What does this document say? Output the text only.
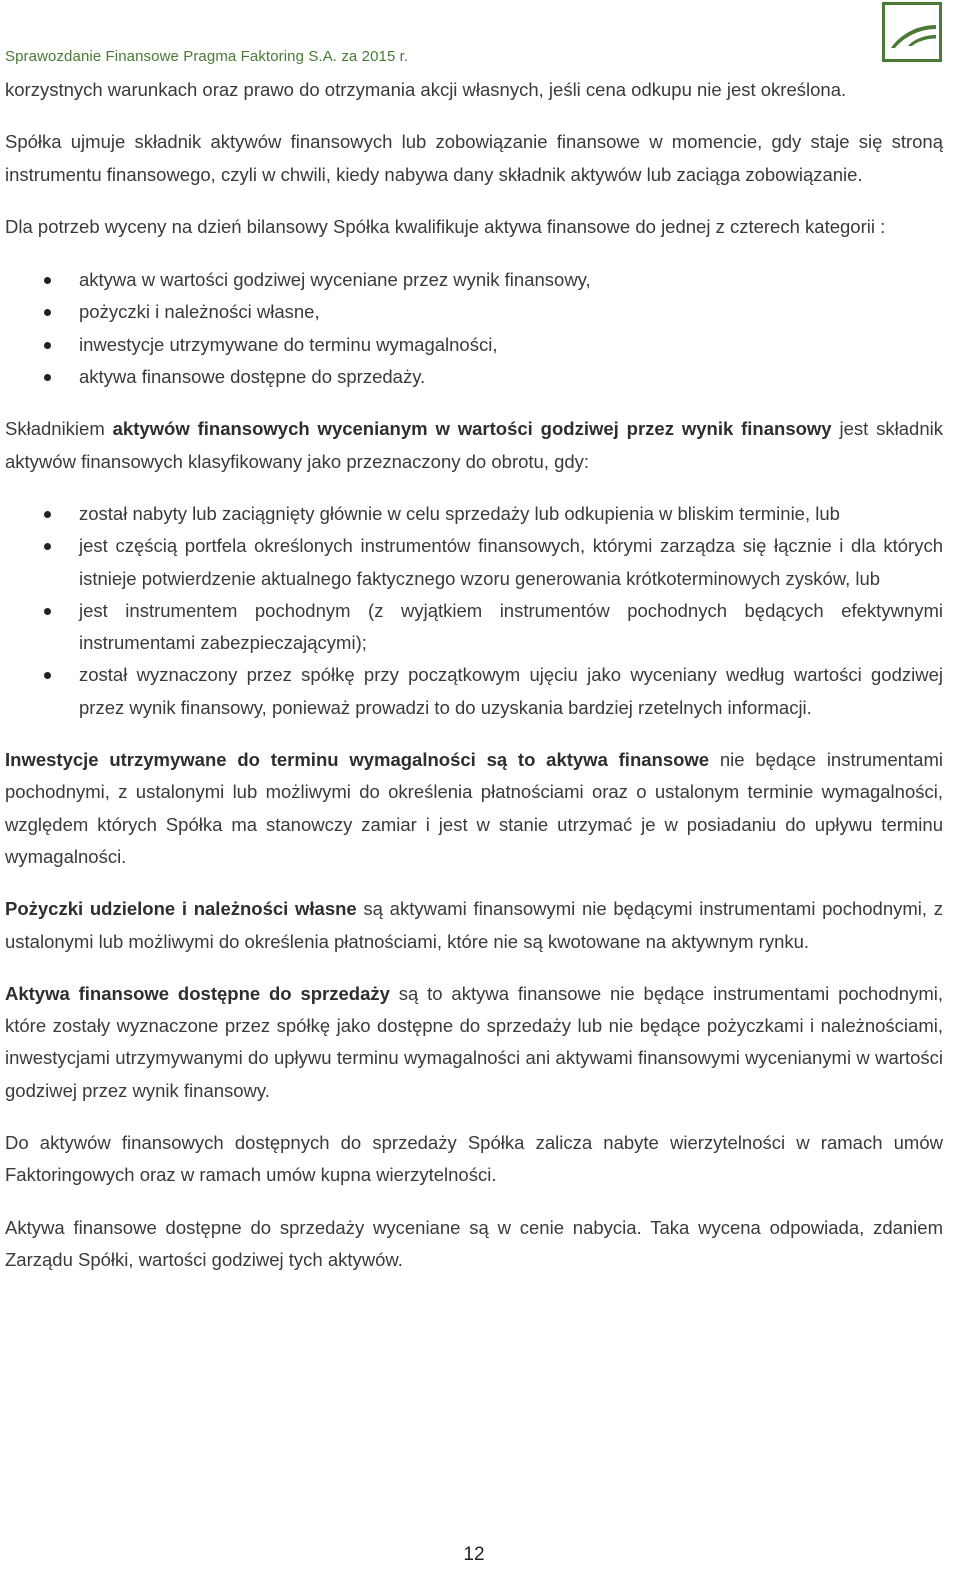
Sprawozdanie Finansowe Pragma Faktoring S.A. za 2015 r.

korzystnych warunkach oraz prawo do otrzymania akcji własnych, jeśli cena odkupu nie jest określona.

Spółka ujmuje składnik aktywów finansowych lub zobowiązanie finansowe w momencie, gdy staje się stroną instrumentu finansowego, czyli w chwili, kiedy nabywa dany składnik aktywów lub zaciąga zobowiązanie.

Dla potrzeb wyceny na dzień bilansowy Spółka kwalifikuje aktywa finansowe do jednej z czterech kategorii :

aktywa w wartości godziwej wyceniane przez wynik finansowy,
pożyczki i należności własne,
inwestycje utrzymywane do terminu wymagalności,
aktywa finansowe dostępne do sprzedaży.

Składnikiem aktywów finansowych wycenianym w wartości godziwej przez wynik finansowy jest składnik aktywów finansowych klasyfikowany jako przeznaczony do obrotu, gdy:

został nabyty lub zaciągnięty głównie w celu sprzedaży lub odkupienia w bliskim terminie, lub
jest częścią portfela określonych instrumentów finansowych, którymi zarządza się łącznie i dla których istnieje potwierdzenie aktualnego faktycznego wzoru generowania krótkoterminowych zysków, lub
jest instrumentem pochodnym (z wyjątkiem instrumentów pochodnych będących efektywnymi instrumentami zabezpieczającymi);
został wyznaczony przez spółkę przy początkowym ujęciu jako wyceniany według wartości godziwej przez wynik finansowy, ponieważ prowadzi to do uzyskania bardziej rzetelnych informacji.

Inwestycje utrzymywane do terminu wymagalności są to aktywa finansowe nie będące instrumentami pochodnymi, z ustalonymi lub możliwymi do określenia płatnościami oraz o ustalonym terminie wymagalności, względem których Spółka ma stanowczy zamiar i jest w stanie utrzymać je w posiadaniu do upływu terminu wymagalności.

Pożyczki udzielone i należności własne są aktywami finansowymi nie będącymi instrumentami pochodnymi, z ustalonymi lub możliwymi do określenia płatnościami, które nie są kwotowane na aktywnym rynku.

Aktywa finansowe dostępne do sprzedaży są to aktywa finansowe nie będące instrumentami pochodnymi, które zostały wyznaczone przez spółkę jako dostępne do sprzedaży lub nie będące pożyczkami i należnościami, inwestycjami utrzymywanymi do upływu terminu wymagalności ani aktywami finansowymi wycenianymi w wartości godziwej przez wynik finansowy.

Do aktywów finansowych dostępnych do sprzedaży Spółka zalicza nabyte wierzytelności w ramach umów Faktoringowych oraz w ramach umów kupna wierzytelności.

Aktywa finansowe dostępne do sprzedaży wyceniane są w cenie nabycia. Taka wycena odpowiada, zdaniem Zarządu Spółki, wartości godziwej tych aktywów.

12
